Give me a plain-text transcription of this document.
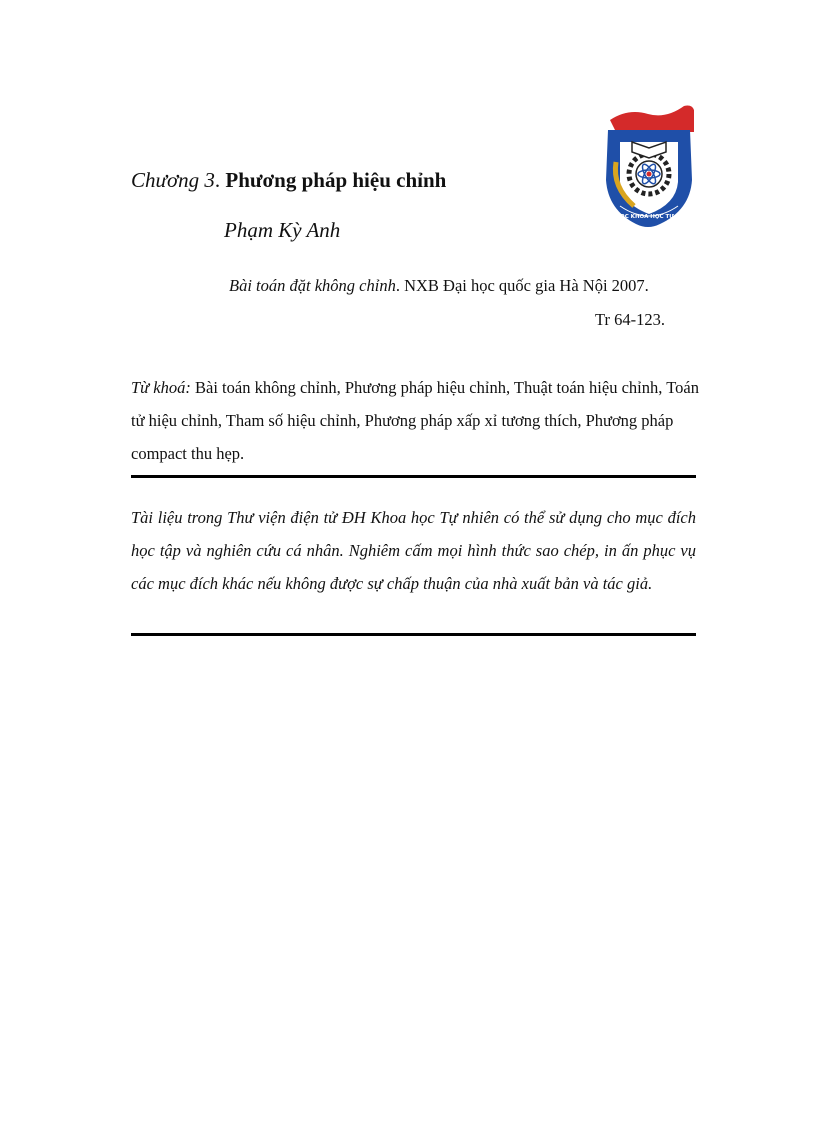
Chương 3. Phương pháp hiệu chỉnh
Phạm Kỳ Anh
ĐẠI HỌC KHOA HỌC TỰ NHIÊN
Bài toán đặt không chỉnh. NXB Đại học quốc gia Hà Nội 2007.
Tr 64-123.
Từ khoá: Bài toán không chỉnh, Phương pháp hiệu chỉnh, Thuật toán hiệu chỉnh, Toán tử hiệu chỉnh, Tham số hiệu chỉnh, Phương pháp xấp xỉ tương thích, Phương pháp compact thu hẹp.
Tài liệu trong Thư viện điện tử ĐH Khoa học Tự nhiên có thể sử dụng cho mục đích học tập và nghiên cứu cá nhân. Nghiêm cấm mọi hình thức sao chép, in ấn phục vụ các mục đích khác nếu không được sự chấp thuận của nhà xuất bản và tác giả.
